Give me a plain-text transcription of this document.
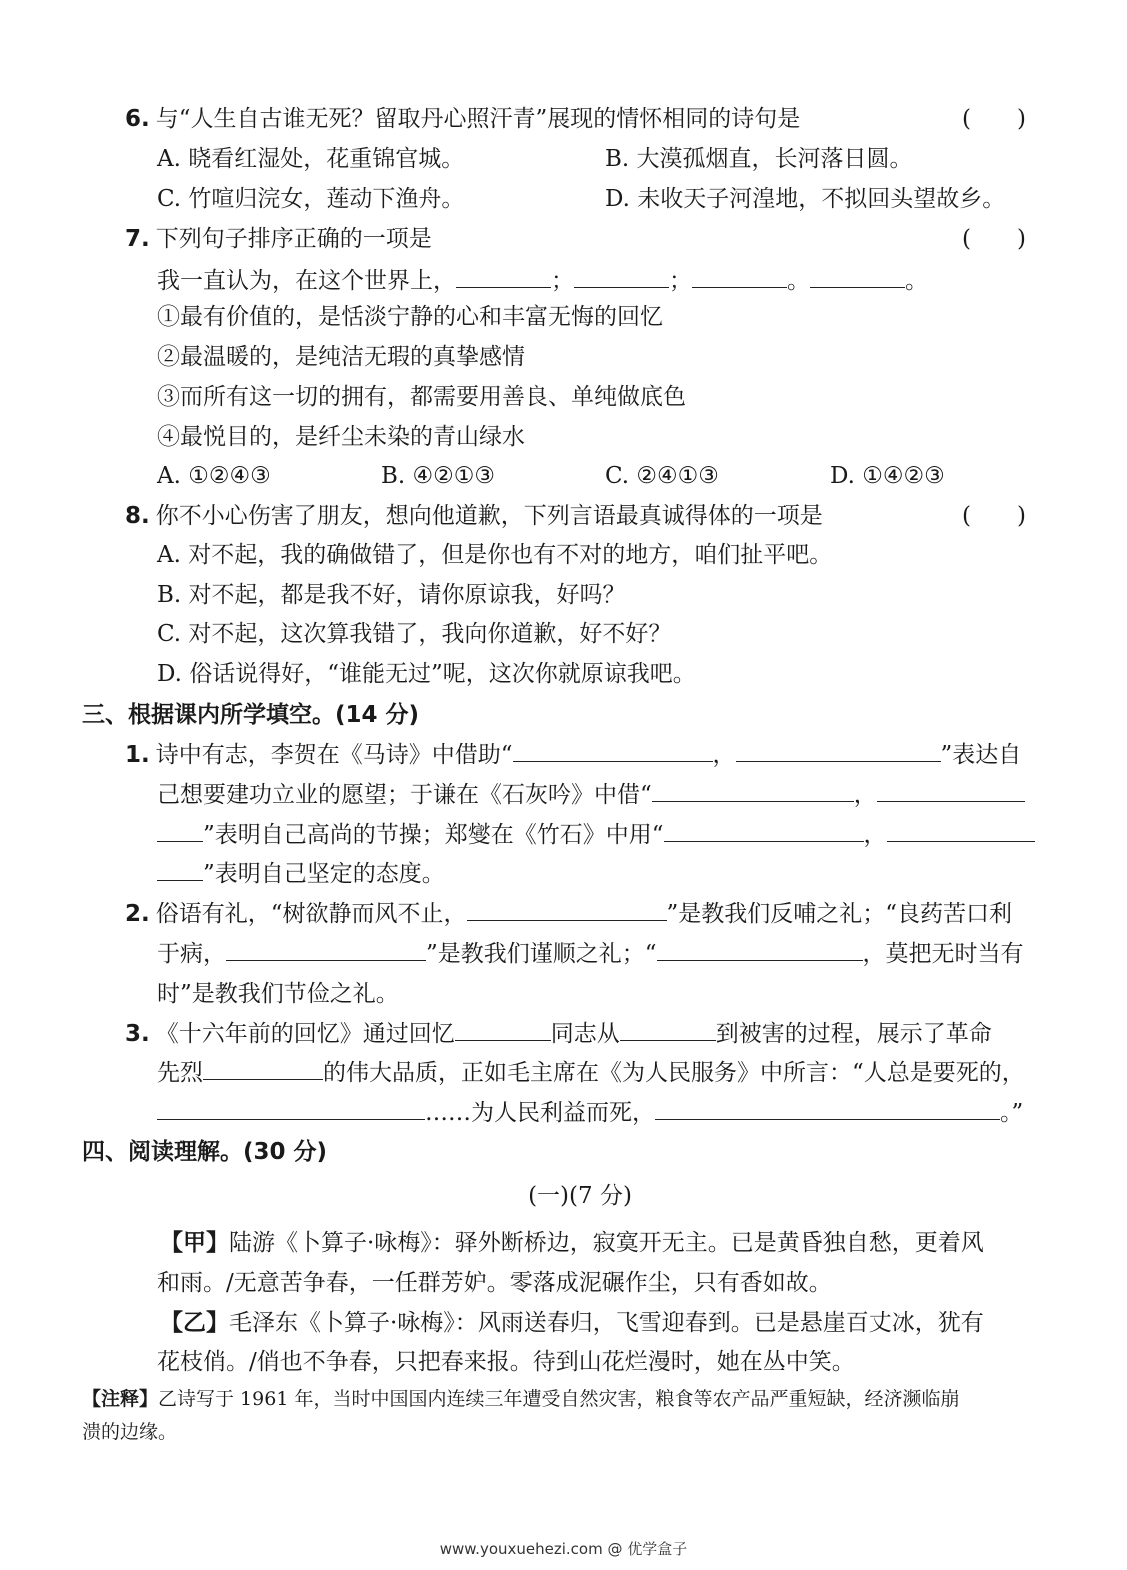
6. 与“人生自古谁无死？留取丹心照汗青”展现的情怀相同的诗句是	(　　)
A. 晓看红湿处，花重锦官城。	B. 大漠孤烟直，长河落日圆。
C. 竹喧归浣女，莲动下渔舟。	D. 未收天子河湟地，不拟回头望故乡。
7. 下列句子排序正确的一项是	(　　)
我一直认为，在这个世界上，	；	；	。	。
①最有价值的，是恬淡宁静的心和丰富无悔的回忆
②最温暖的，是纯洁无瑕的真挚感情
③而所有这一切的拥有，都需要用善良、单纯做底色
④最悦目的，是纤尘未染的青山绿水
A. ①②④③	B. ④②①③	C. ②④①③	D. ①④②③
8. 你不小心伤害了朋友，想向他道歉，下列言语最真诚得体的一项是	(　　)
A. 对不起，我的确做错了，但是你也有不对的地方，咱们扯平吧。
B. 对不起，都是我不好，请你原谅我，好吗？
C. 对不起，这次算我错了，我向你道歉，好不好？
D. 俗话说得好，“谁能无过”呢，这次你就原谅我吧。
三、根据课内所学填空。(14 分)
1. 诗中有志，李贺在《马诗》中借助“	，	”表达自
己想要建功立业的愿望；于谦在《石灰吟》中借“	，
”表明自己高尚的节操；郑燮在《竹石》中用“	，
”表明自己坚定的态度。
2. 俗语有礼，“树欲静而风不止，	”是教我们反哺之礼；“良药苦口利
于病，	”是教我们谨顺之礼；“	，莫把无时当有
时”是教我们节俭之礼。
3. 《十六年前的回忆》通过回忆	同志从	到被害的过程，展示了革命
先烈	的伟大品质，正如毛主席在《为人民服务》中所言：“人总是要死的，
……为人民利益而死，	。”
四、阅读理解。(30 分)
(一)(7 分)
【甲】陆游《卜算子·咏梅》：驿外断桥边，寂寞开无主。已是黄昏独自愁，更着风
和雨。/无意苦争春，一任群芳妒。零落成泥碾作尘，只有香如故。
【乙】毛泽东《卜算子·咏梅》：风雨送春归，飞雪迎春到。已是悬崖百丈冰，犹有
花枝俏。/俏也不争春，只把春来报。待到山花烂漫时，她在丛中笑。
【注释】乙诗写于 1961 年，当时中国国内连续三年遭受自然灾害，粮食等农产品严重短缺，经济濒临崩
溃的边缘。
www.youxuehezi.com @ 优学盒子
